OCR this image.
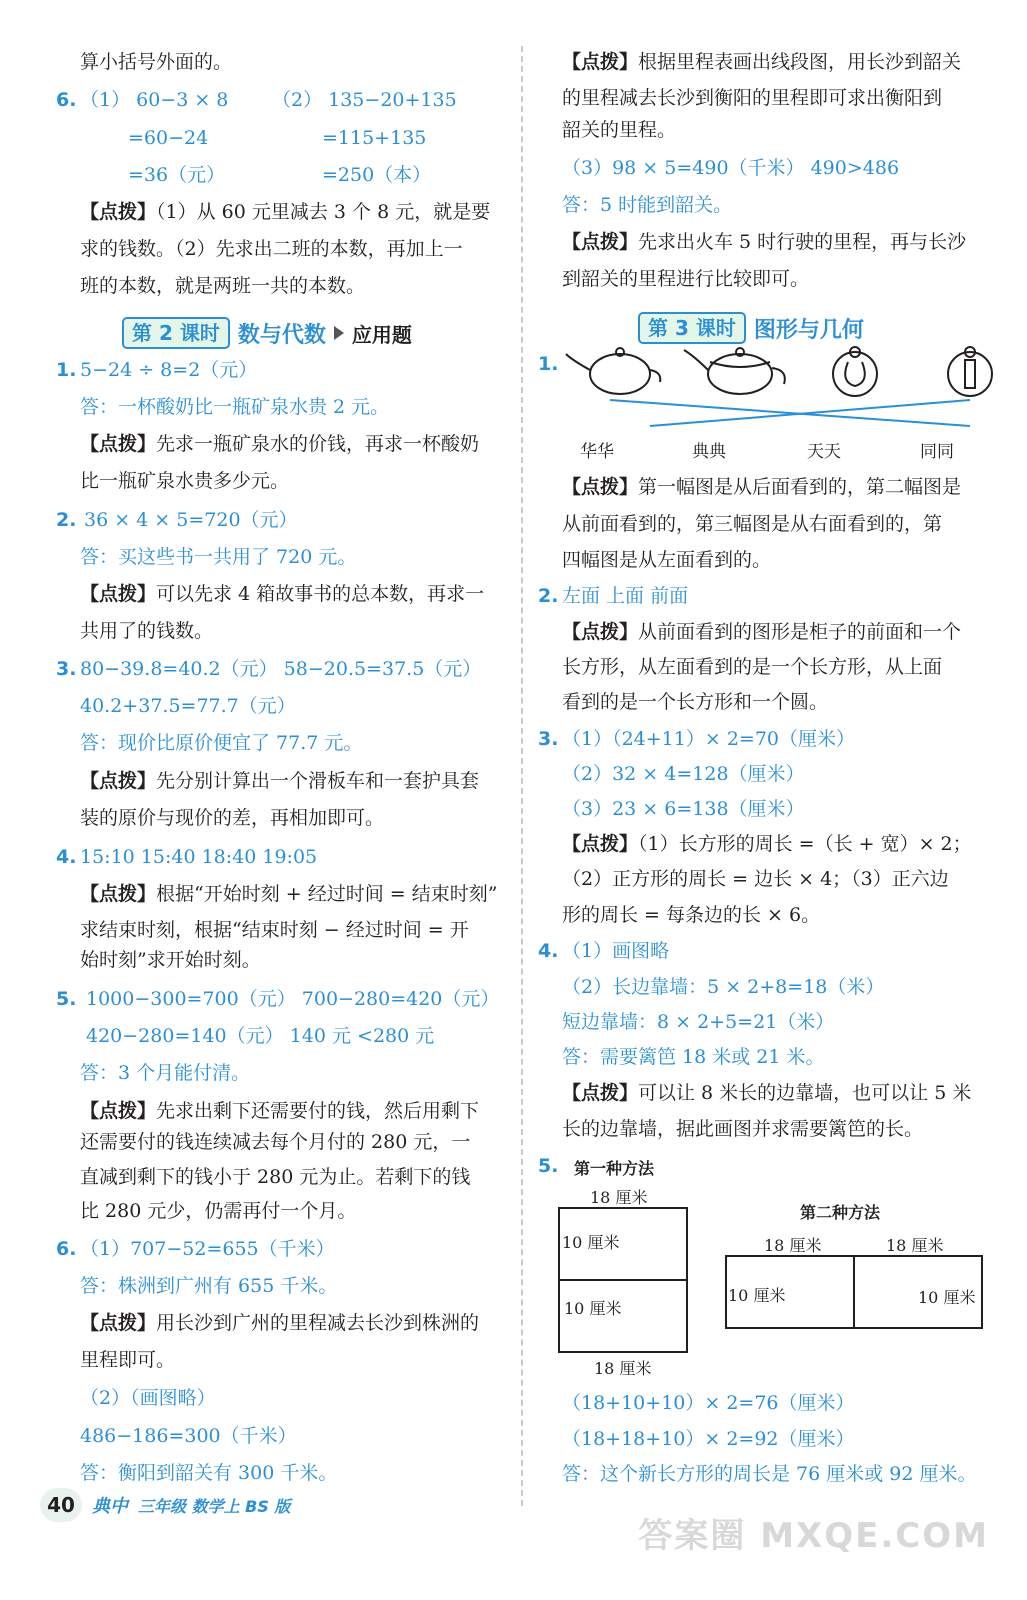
算小括号外面的。
6. （1） 60−3 × 8 （2） 135−20+135
=60−24	=115+135
=36（元）	=250（本）
【点拨】（1）从 60 元里减去 3 个 8 元，就是要
求的钱数。（2）先求出二班的本数，再加上一
班的本数，就是两班一共的本数。
第 2 课时 数与代数 应用题
1. 5−24 ÷ 8=2（元）
答：一杯酸奶比一瓶矿泉水贵 2 元。
【点拨】先求一瓶矿泉水的价钱，再求一杯酸奶
比一瓶矿泉水贵多少元。
2. 36 × 4 × 5=720（元）
答：买这些书一共用了 720 元。
【点拨】可以先求 4 箱故事书的总本数，再求一
共用了的钱数。
3. 80−39.8=40.2（元） 58−20.5=37.5（元）
40.2+37.5=77.7（元）
答：现价比原价便宜了 77.7 元。
【点拨】先分别计算出一个滑板车和一套护具套
装的原价与现价的差，再相加即可。
4. 15:10 15:40 18:40 19:05
【点拨】根据“开始时刻 + 经过时间 = 结束时刻”
求结束时刻，根据“结束时刻 − 经过时间 = 开
始时刻”求开始时刻。
5. 1000−300=700（元） 700−280=420（元）
420−280=140（元） 140 元 <280 元
答：3 个月能付清。
【点拨】先求出剩下还需要付的钱，然后用剩下
还需要付的钱连续减去每个月付的 280 元，一
直减到剩下的钱小于 280 元为止。若剩下的钱
比 280 元少，仍需再付一个月。
6. （1）707−52=655（千米）
答：株洲到广州有 655 千米。
【点拨】用长沙到广州的里程减去长沙到株洲的
里程即可。
（2）（画图略）
486−186=300（千米）
答：衡阳到韶关有 300 千米。
【点拨】根据里程表画出线段图，用长沙到韶关
的里程减去长沙到衡阳的里程即可求出衡阳到
韶关的里程。
（3）98 × 5=490（千米） 490>486
答：5 时能到韶关。
【点拨】先求出火车 5 时行驶的里程，再与长沙
到韶关的里程进行比较即可。
第 3 课时 图形与几何
1.
华华	典典	天天	同同
【点拨】第一幅图是从后面看到的，第二幅图是
从前面看到的，第三幅图是从右面看到的，第
四幅图是从左面看到的。
2. 左面 上面 前面
【点拨】从前面看到的图形是柜子的前面和一个
长方形，从左面看到的是一个长方形，从上面
看到的是一个长方形和一个圆。
3. （1）（24+11）× 2=70（厘米）
（2）32 × 4=128（厘米）
（3）23 × 6=138（厘米）
【点拨】（1）长方形的周长 =（长 + 宽）× 2；
（2）正方形的周长 = 边长 × 4；（3）正六边
形的周长 = 每条边的长 × 6。
4. （1）画图略
（2）长边靠墙：5 × 2+8=18（米）
短边靠墙：8 × 2+5=21（米）
答：需要篱笆 18 米或 21 米。
【点拨】可以让 8 米长的边靠墙，也可以让 5 米
长的边靠墙，据此画图并求需要篱笆的长。
5. 第一种方法
18 厘米
10 厘米
10 厘米
18 厘米
第二种方法
18 厘米	18 厘米
10 厘米	10 厘米
（18+10+10）× 2=76（厘米）
（18+18+10）× 2=92（厘米）
答：这个新长方形的周长是 76 厘米或 92 厘米。
40 典中 三年级 数学上 BS 版
答案圈 MXQE.COM
